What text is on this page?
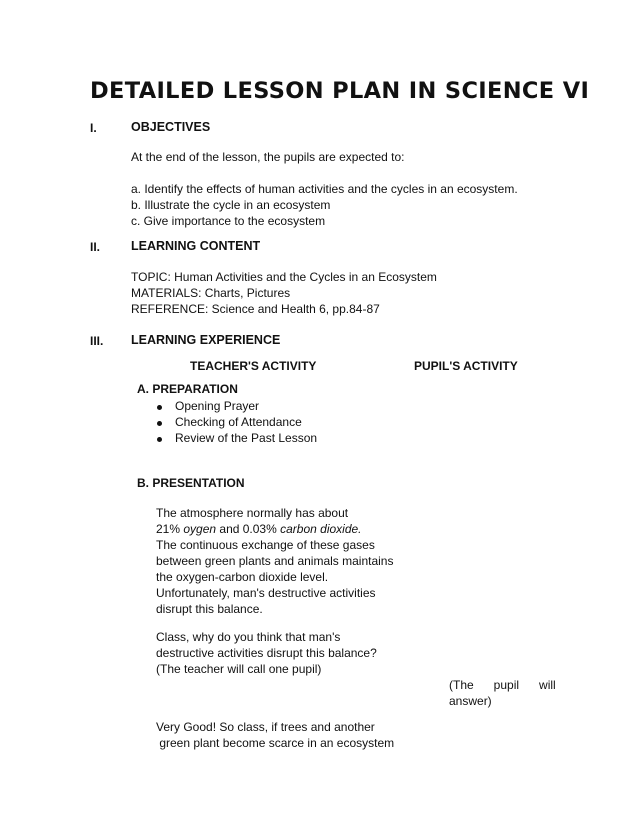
DETAILED LESSON PLAN IN SCIENCE VI
I.	OBJECTIVES
At the end of the lesson, the pupils are expected to:
a. Identify the effects of human activities and the cycles in an ecosystem.
b. Illustrate the cycle in an ecosystem
c. Give importance to the ecosystem
II. LEARNING CONTENT
TOPIC: Human Activities and the Cycles in an Ecosystem
MATERIALS: Charts, Pictures
REFERENCE: Science and Health 6, pp.84-87
III. LEARNING EXPERIENCE
TEACHER'S ACTIVITY	PUPIL'S ACTIVITY
A. PREPARATION
Opening Prayer
Checking of Attendance
Review of the Past Lesson
B. PRESENTATION
The atmosphere normally has about
21% oygen and 0.03% carbon dioxide.
The continuous exchange of these gases
between green plants and animals maintains
the oxygen-carbon dioxide level.
Unfortunately, man's destructive activities
disrupt this balance.
Class, why do you think that man's
destructive activities disrupt this balance?
(The teacher will call one pupil)
(The      pupil      will
answer)
Very Good! So class, if trees and another
green plant become scarce in an ecosystem
